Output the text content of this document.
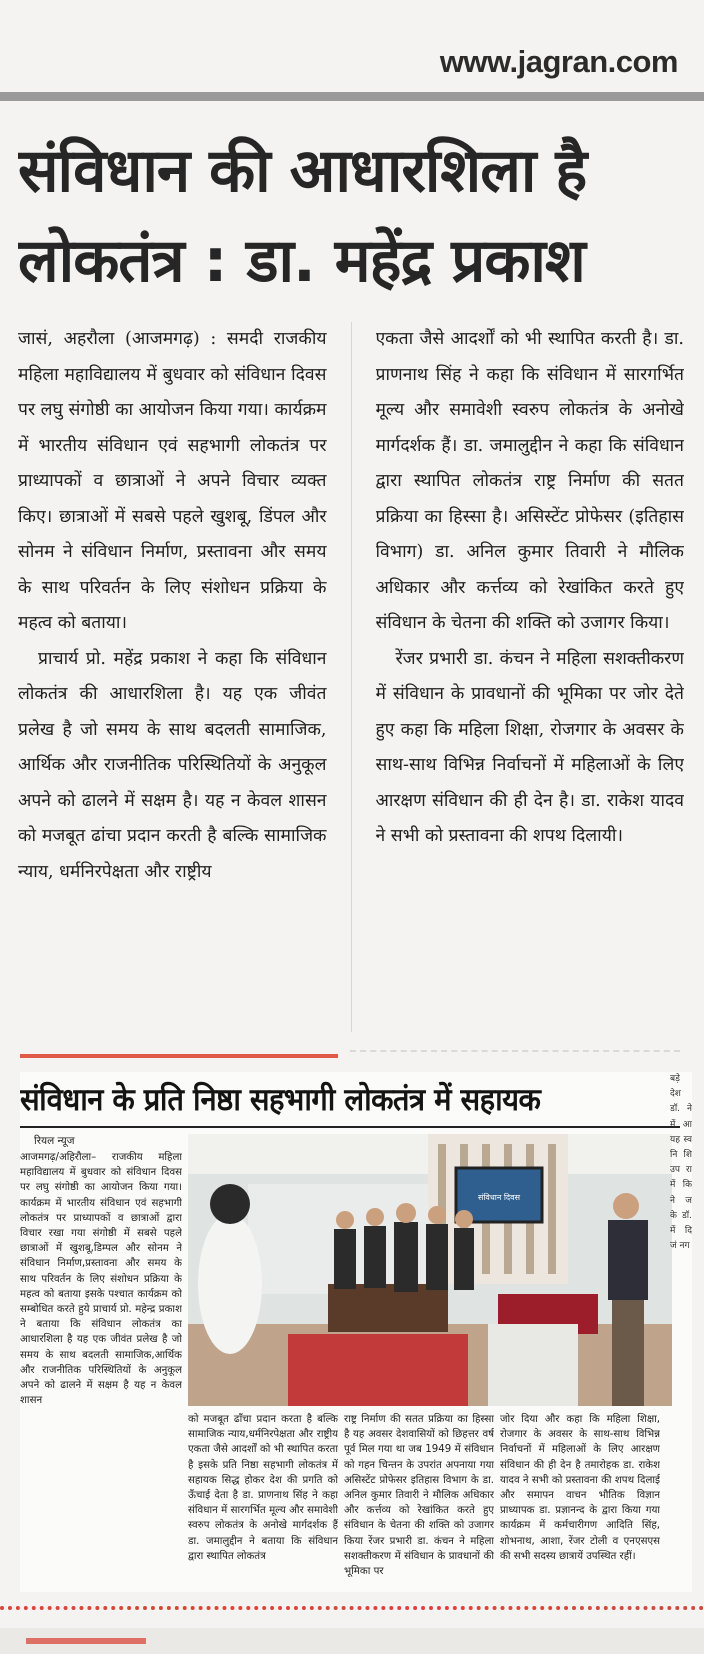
www.jagran.com
संविधान की आधारशिला है
लोकतंत्र : डा. महेंद्र प्रकाश

जासं, अहरौला (आजमगढ़) : समदी राजकीय महिला महाविद्यालय में बुधवार को संविधान दिवस पर लघु संगोष्ठी का आयोजन किया गया। कार्यक्रम में भारतीय संविधान एवं सहभागी लोकतंत्र पर प्राध्यापकों व छात्राओं ने अपने विचार व्यक्त किए। छात्राओं में सबसे पहले खुशबू, डिंपल और सोनम ने संविधान निर्माण, प्रस्तावना और समय के साथ परिवर्तन के लिए संशोधन प्रक्रिया के महत्व को बताया।

प्राचार्य प्रो. महेंद्र प्रकाश ने कहा कि संविधान लोकतंत्र की आधारशिला है। यह एक जीवंत प्रलेख है जो समय के साथ बदलती सामाजिक, आर्थिक और राजनीतिक परिस्थितियों के अनुकूल अपने को ढालने में सक्षम है। यह न केवल शासन को मजबूत ढांचा प्रदान करती है बल्कि सामाजिक न्याय, धर्मनिरपेक्षता और राष्ट्रीय

एकता जैसे आदर्शों को भी स्थापित करती है। डा. प्राणनाथ सिंह ने कहा कि संविधान में सारगर्भित मूल्य और समावेशी स्वरुप लोकतंत्र के अनोखे मार्गदर्शक हैं। डा. जमालुद्दीन ने कहा कि संविधान द्वारा स्थापित लोकतंत्र राष्ट्र निर्माण की सतत प्रक्रिया का हिस्सा है। असिस्टेंट प्रोफेसर (इतिहास विभाग) डा. अनिल कुमार तिवारी ने मौलिक अधिकार और कर्त्तव्य को रेखांकित करते हुए संविधान के चेतना की शक्ति को उजागर किया।

रेंजर प्रभारी डा. कंचन ने महिला सशक्तीकरण में संविधान के प्रावधानों की भूमिका पर जोर देते हुए कहा कि महिला शिक्षा, रोजगार के अवसर के साथ-साथ विभिन्न निर्वाचनों में महिलाओं के लिए आरक्षण संविधान की ही देन है। डा. राकेश यादव ने सभी को प्रस्तावना की शपथ दिलायी।

संविधान के प्रति निष्ठा सहभागी लोकतंत्र में सहायक
रियल न्यूज
आजमगढ़/अहिरौला– राजकीय महिला महाविद्यालय में बुधवार को संविधान दिवस पर लघु संगोष्ठी का आयोजन किया गया। कार्यक्रम में भारतीय संविधान एवं सहभागी लोकतंत्र पर प्राध्यापकों व छात्राओं द्वारा विचार रखा गया संगोष्ठी में सबसे पहले छात्राओं में खुशबू,डिम्पल और सोनम ने संविधान निर्माण,प्रस्तावना और समय के साथ परिवर्तन के लिए संशोधन प्रक्रिया के महत्व को बताया इसके पश्चात कार्यक्रम को सम्बोधित करते हुये प्राचार्य प्रो. महेन्द्र प्रकाश ने बताया कि संविधान लोकतंत्र का आधारशिला है यह एक जीवंत प्रलेख है जो समय के साथ बदलती सामाजिक,आर्थिक और राजनीतिक परिस्थितियों के अनुकूल अपने को ढालने में सक्षम है यह न केवल शासन
संविधान दिवस
को मजबूत ढाँचा प्रदान करता है बल्कि सामाजिक न्याय,धर्मनिरपेक्षता और राष्ट्रीय एकता जैसे आदर्शों को भी स्थापित करता है इसके प्रति निष्ठा सहभागी लोकतंत्र में सहायक सिद्ध होकर देश की प्रगति को ऊँचाई देता है डा. प्राणनाथ सिंह ने कहा संविधान में सारगर्भित मूल्य और समावेशी स्वरुप लोकतंत्र के अनोखे मार्गदर्शक हैं डा. जमालुद्दीन ने बताया कि संविधान द्वारा स्थापित लोकतंत्र
राष्ट्र निर्माण की सतत प्रक्रिया का हिस्सा है यह अवसर देशवासियों को छिहत्तर वर्ष पूर्व मिल गया था जब 1949 में संविधान को गहन चिन्तन के उपरांत अपनाया गया असिस्टेंट प्रोफेसर इतिहास विभाग के डा. अनिल कुमार तिवारी ने मौलिक अधिकार और कर्त्तव्य को रेखांकित करते हुए संविधान के चेतना की शक्ति को उजागर किया रेंजर प्रभारी डा. कंचन ने महिला सशक्तीकरण में संविधान के प्रावधानों की भूमिका पर
जोर दिया और कहा कि महिला शिक्षा, रोजगार के अवसर के साथ-साथ विभिन्न निर्वाचनों में महिलाओं के लिए आरक्षण संविधान की ही देन है तमारोहक डा. राकेश यादव ने सभी को प्रस्तावना की शपथ दिलाई और समापन वाचन भौतिक विज्ञान प्राध्यापक डा. प्रज्ञानन्द के द्वारा किया गया कार्यक्रम में कर्मचारीगण आदिति सिंह, शोभनाथ, आशा, रेंजर टोली व एनएसएस की सभी सदस्य छात्रायें उपस्थित रहीं।
बड़े देश डॉ. ने में आ यह स्व नि शि उप रा में कि ने ज के डॉ. में दि जं नग
